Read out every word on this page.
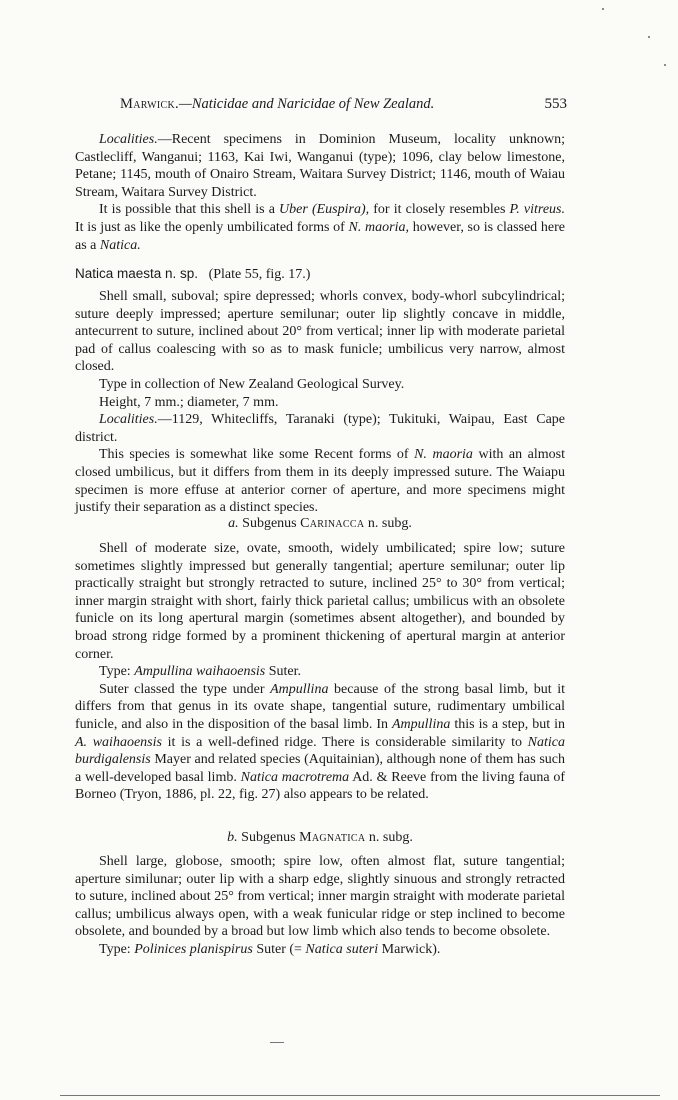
Marwick.—Naticidae and Naricidae of New Zealand.	553

Localities.—Recent specimens in Dominion Museum, locality unknown; Castlecliff, Wanganui; 1163, Kai Iwi, Wanganui (type); 1096, clay below limestone, Petane; 1145, mouth of Onairo Stream, Waitara Survey District; 1146, mouth of Waiau Stream, Waitara Survey District.

It is possible that this shell is a Uber (Euspira), for it closely resembles P. vitreus. It is just as like the openly umbilicated forms of N. maoria, however, so is classed here as a Natica.

Natica maesta n. sp. (Plate 55, fig. 17.)

Shell small, suboval; spire depressed; whorls convex, body-whorl subcylindrical; suture deeply impressed; aperture semilunar; outer lip slightly concave in middle, antecurrent to suture, inclined about 20° from vertical; inner lip with moderate parietal pad of callus coalescing with so as to mask funicle; umbilicus very narrow, almost closed.

Type in collection of New Zealand Geological Survey.

Height, 7 mm.; diameter, 7 mm.

Localities.—1129, Whitecliffs, Taranaki (type); Tukituki, Waipau, East Cape district.

This species is somewhat like some Recent forms of N. maoria with an almost closed umbilicus, but it differs from them in its deeply impressed suture. The Waiapu specimen is more effuse at anterior corner of aperture, and more specimens might justify their separation as a distinct species.

a. Subgenus Carinacca n. subg.

Shell of moderate size, ovate, smooth, widely umbilicated; spire low; suture sometimes slightly impressed but generally tangential; aperture semilunar; outer lip practically straight but strongly retracted to suture, inclined 25° to 30° from vertical; inner margin straight with short, fairly thick parietal callus; umbilicus with an obsolete funicle on its long apertural margin (sometimes absent altogether), and bounded by broad strong ridge formed by a prominent thickening of apertural margin at anterior corner.

Type: Ampullina waihaoensis Suter.

Suter classed the type under Ampullina because of the strong basal limb, but it differs from that genus in its ovate shape, tangential suture, rudimentary umbilical funicle, and also in the disposition of the basal limb. In Ampullina this is a step, but in A. waihaoensis it is a well-defined ridge. There is considerable similarity to Natica burdigalensis Mayer and related species (Aquitainian), although none of them has such a well-developed basal limb. Natica macrotrema Ad. & Reeve from the living fauna of Borneo (Tryon, 1886, pl. 22, fig. 27) also appears to be related.

b. Subgenus Magnatica n. subg.

Shell large, globose, smooth; spire low, often almost flat, suture tangential; aperture similunar; outer lip with a sharp edge, slightly sinuous and strongly retracted to suture, inclined about 25° from vertical; inner margin straight with moderate parietal callus; umbilicus always open, with a weak funicular ridge or step inclined to become obsolete, and bounded by a broad but low limb which also tends to become obsolete.

Type: Polinices planispirus Suter (= Natica suteri Marwick).
